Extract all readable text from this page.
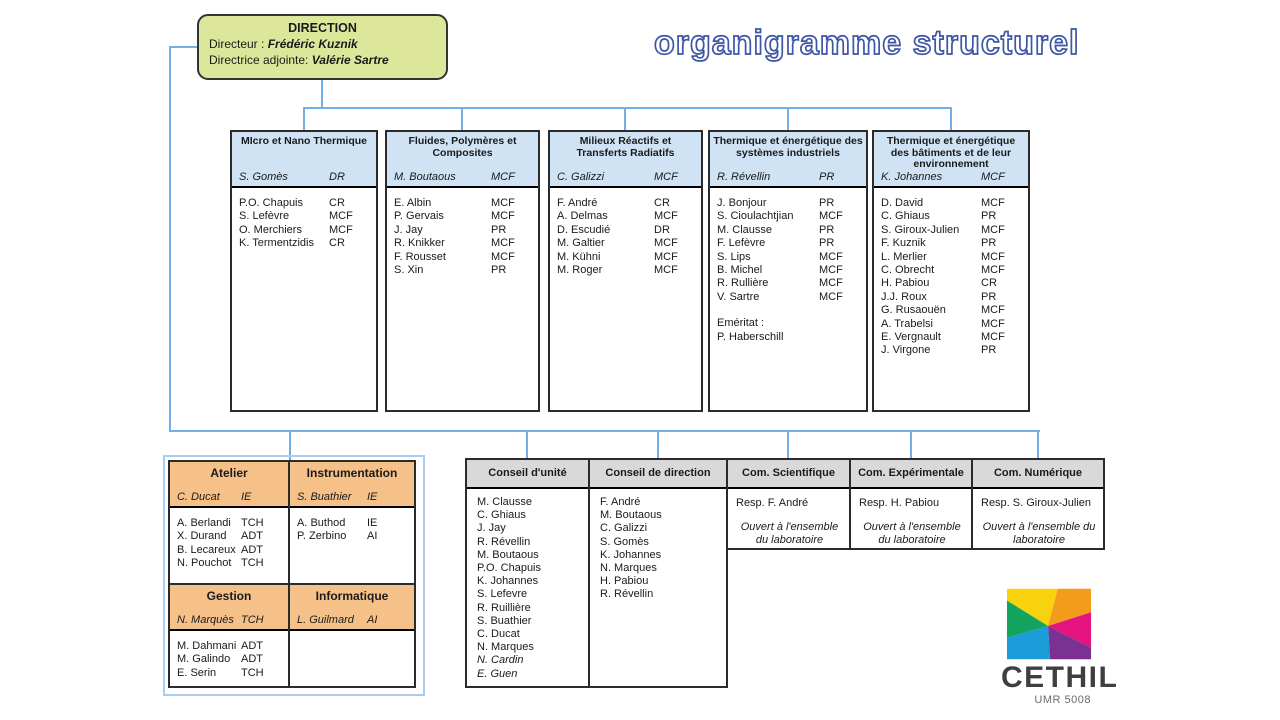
organigramme structurel
DIRECTION
Directeur : Frédéric Kuznik
Directrice adjointe: Valérie Sartre
MIcro et Nano Thermique
S. Gomès	DR
P.O. Chapuis	CR
S. Lefèvre	MCF
O. Merchiers	MCF
K. Termentzidis	CR
Fluides, Polymères et Composites
M. Boutaous	MCF
E. Albin	MCF
P. Gervais	MCF
J. Jay	PR
R. Knikker	MCF
F. Rousset	MCF
S. Xin	PR
Milieux Réactifs et Transferts Radiatifs
C. Galizzi	MCF
F. André	CR
A. Delmas	MCF
D. Escudié	DR
M. Galtier	MCF
M. Kühni	MCF
M. Roger	MCF
Thermique et énergétique des systèmes industriels
R. Révellin	PR
J. Bonjour	PR
S. Cioulachtjian	MCF
M. Clausse	PR
F. Lefèvre	PR
S. Lips	MCF
B. Michel	MCF
R. Rullière	MCF
V. Sartre	MCF
Eméritat :
P. Haberschill
Thermique et énergétique des bâtiments et de leur environnement
K. Johannes	MCF
D. David	MCF
C. Ghiaus	PR
S. Giroux-Julien	MCF
F. Kuznik	PR
L. Merlier	MCF
C. Obrecht	MCF
H. Pabiou	CR
J.J. Roux	PR
G. Rusaouën	MCF
A. Trabelsi	MCF
E. Vergnault	MCF
J. Virgone	PR
Atelier
C. Ducat IE
A. Berlandi TCH
X. Durand	ADT
B. Lecareux ADT
N. Pouchot TCH
Instrumentation
S. Buathier IE
A. Buthod	IE
P. Zerbino	AI
Gestion
N. Marquès TCH
M. Dahmani ADT
M. Galindo ADT
E. Serin	TCH
Informatique
L. Guilmard AI
Conseil d'unité
M. Clausse
C. Ghiaus
J. Jay
R. Révellin
M. Boutaous
P.O. Chapuis
K. Johannes
S. Lefevre
R. Ruillière
S. Buathier
C. Ducat
N. Marques
N. Cardin
E. Guen
Conseil de direction
F. André
M. Boutaous
C. Galizzi
S. Gomès
K. Johannes
N. Marques
H. Pabiou
R. Révellin
Com. Scientifique
Resp. F. André
Ouvert à l'ensemble du laboratoire
Com. Expérimentale
Resp. H. Pabiou
Ouvert à l'ensemble du laboratoire
Com. Numérique
Resp. S. Giroux-Julien
Ouvert à l'ensemble du laboratoire
CETHIL
UMR 5008
